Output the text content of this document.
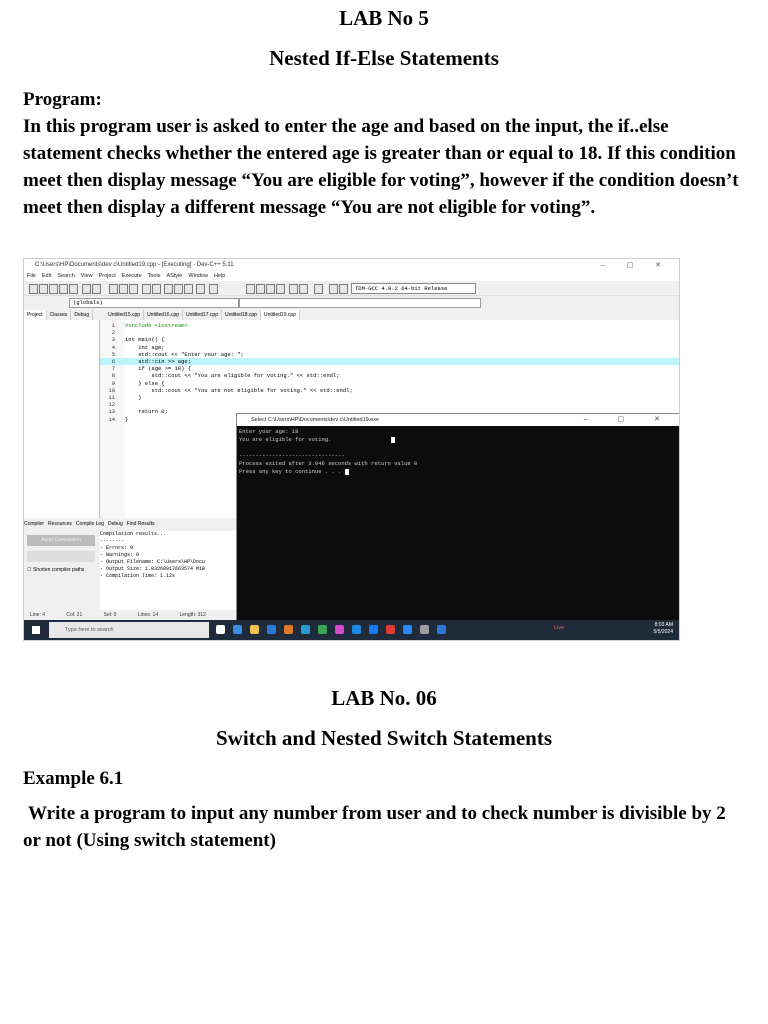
LAB No 5
Nested If-Else Statements
Program:
In this program user is asked to enter the age and based on the input, the if..else statement checks whether the entered age is greater than or equal to 18. If this condition meet then display message “You are eligible for voting”, however if the condition doesn’t meet then display a different message “You are not eligible for voting”.
C:\Users\HP\Documents\dev c\Untitled19.cpp - [Executing] - Dev-C++ 5.11	– ▢ ✕
File Edit Search View Project Execute Tools AStyle Window Help
TDM-GCC 4.9.2 64-bit Release
(globals)
Project Classes Debug	Untitled15.cpp Untitled16.cpp Untitled17.cpp Untitled18.cpp Untitled19.cpp
1 #include <iostream>
2
3 int main() {
4 int age;
5 std::cout << "Enter your age: ";
6 std::cin >> age;
7 if (age >= 18) {
8 std::cout << "You are eligible for voting." << std::endl;
9 } else {
10 std::cout << "You are not eligible for voting." << std::endl;
11 }
12
13 return 0;
14 }
Compiler Resources Compile Log Debug Find Results
Abort Compilation
☐ Shorten compiler paths
Compilation results...
--------
- Errors: 0
- Warnings: 0
- Output Filename: C:\Users\HP\Docu
- Output Size: 1.83260917663574 MiB
- Compilation Time: 1.12s
Line: 4	Col: 21	Sel: 0	Lines: 14	Length: 312
Select C:\Users\HP\Documents\dev c\Untitled19.exe	– ▢ ✕
Enter your age: 18
You are eligible for voting.
--------------------------------
Process exited after 3.046 seconds with return value 0
Press any key to continue . . .
Type here to search	Live	8:03 AM
5/5/2024
LAB No. 06
Switch and Nested Switch Statements
Example 6.1
Write a program to input any number from user and to check number is divisible by 2 or not (Using switch statement)
